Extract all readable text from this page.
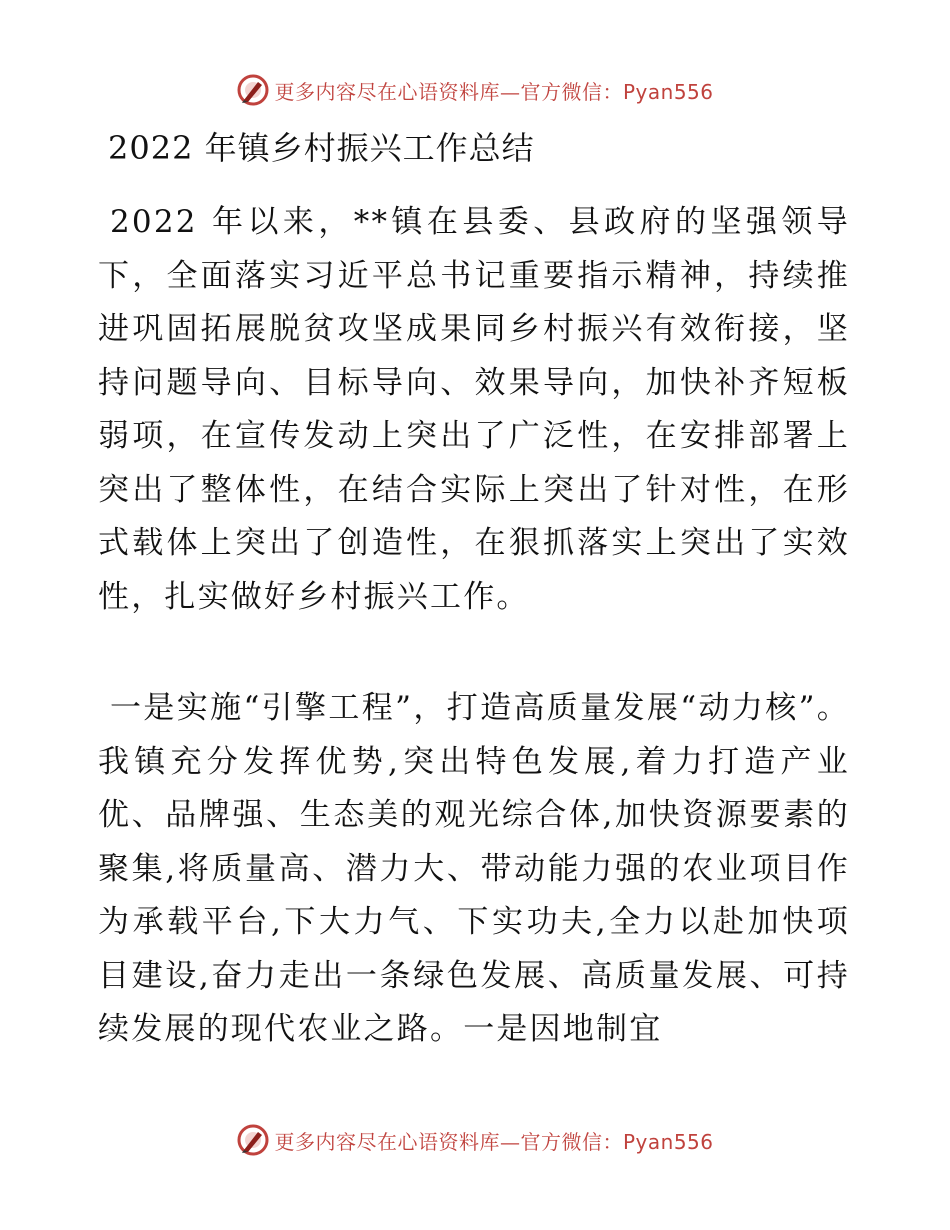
更多内容尽在心语资料库—官方微信：Pyan556
2022 年镇乡村振兴工作总结
2022 年以来，**镇在县委、县政府的坚强领导下，全面落实习近平总书记重要指示精神，持续推进巩固拓展脱贫攻坚成果同乡村振兴有效衔接，坚持问题导向、目标导向、效果导向，加快补齐短板弱项，在宣传发动上突出了广泛性，在安排部署上突出了整体性，在结合实际上突出了针对性，在形式载体上突出了创造性，在狠抓落实上突出了实效性，扎实做好乡村振兴工作。
一是实施“引擎工程”，打造高质量发展“动力核”。我镇充分发挥优势,突出特色发展,着力打造产业优、品牌强、生态美的观光综合体,加快资源要素的聚集,将质量高、潜力大、带动能力强的农业项目作为承载平台,下大力气、下实功夫,全力以赴加快项目建设,奋力走出一条绿色发展、高质量发展、可持续发展的现代农业之路。一是因地制宜
更多内容尽在心语资料库—官方微信：Pyan556
